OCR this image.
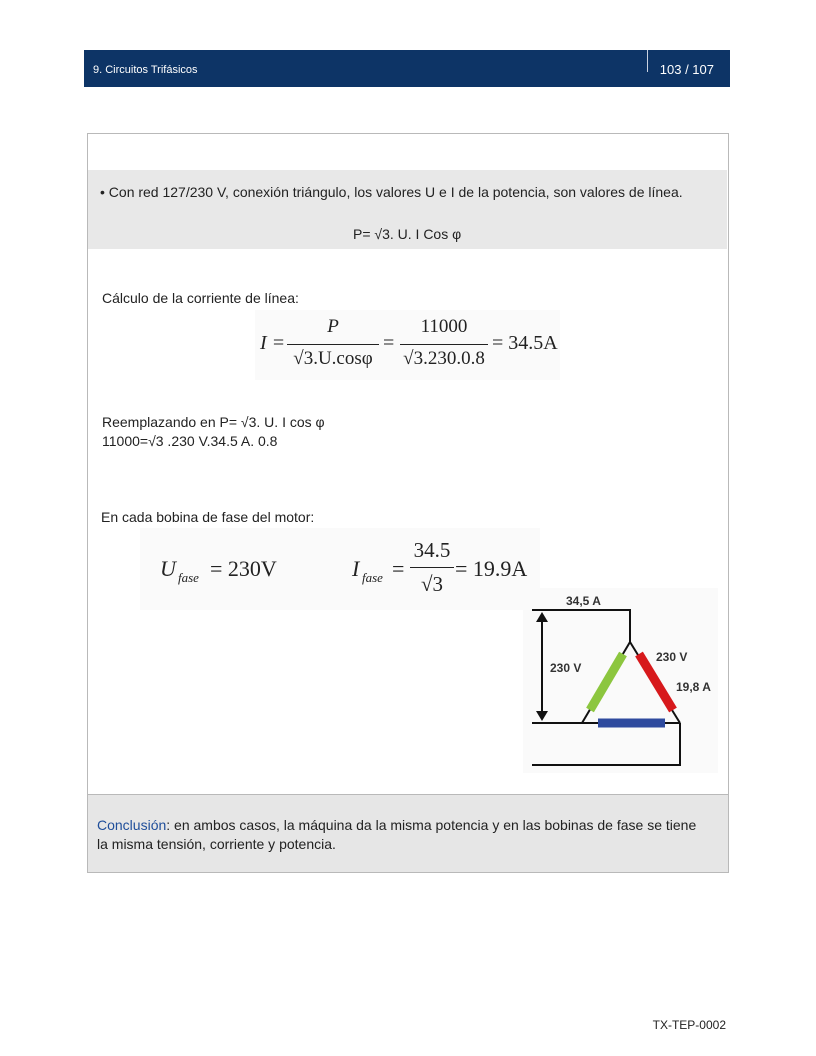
9. Circuitos Trifásicos	103 / 107
• Con red 127/230 V, conexión triángulo, los valores U e I de la potencia, son valores de línea.
P= √3. U. I Cos φ
Cálculo de la corriente de línea:
I =
P
√3.U.cosφ
=
11000
√3.230.0.8
= 34.5A
Reemplazando en P= √3. U. I cos φ
11000=√3 .230 V.34.5 A. 0.8
En cada bobina de fase del motor:
U fase = 230V	I fase =
34.5
√3
= 19.9A
34,5 A
230 V
230 V
19,8 A

Conclusión: en ambos casos, la máquina da la misma potencia y en las bobinas de fase se tiene la misma tensión, corriente y potencia.

TX-TEP-0002
